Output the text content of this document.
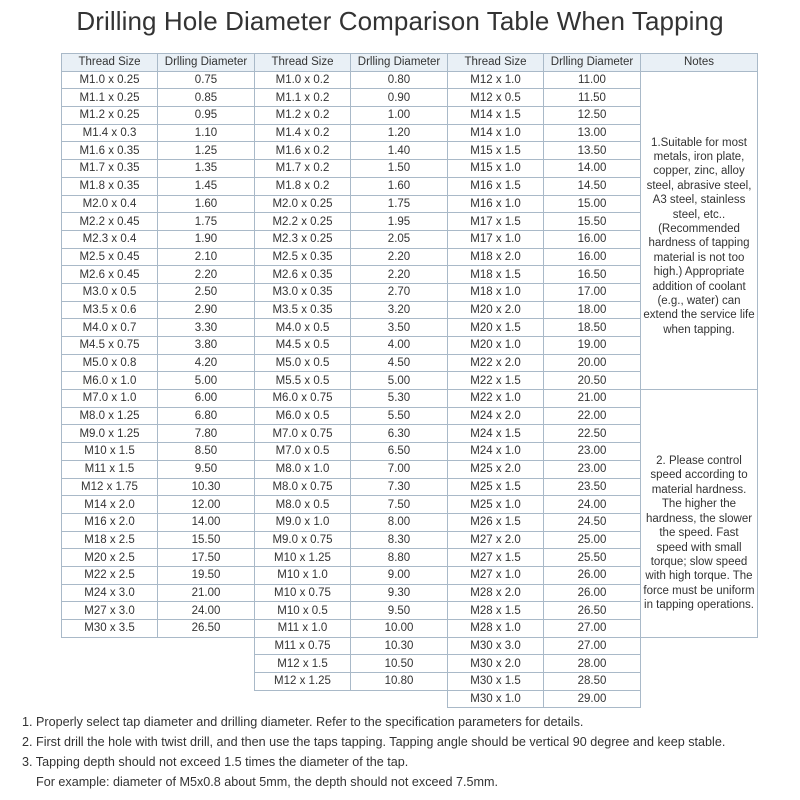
Drilling Hole Diameter Comparison Table When Tapping
Thread Size	Drlling Diameter	Thread Size	Drlling Diameter	Thread Size	Drlling Diameter	Notes
M1.0 x 0.25	0.75	M1.0 x 0.2	0.80	M12 x 1.0	11.00	1.Suitable for most metals, iron plate, copper, zinc, alloy steel, abrasive steel, A3 steel, stainless steel, etc..(Recommended hardness of tapping material is not too high.) Appropriate addition of coolant (e.g., water) can extend the service life when tapping.
M1.1 x 0.25	0.85	M1.1 x 0.2	0.90	M12 x 0.5	11.50	
M1.2 x 0.25	0.95	M1.2 x 0.2	1.00	M14 x 1.5	12.50	
M1.4 x 0.3	1.10	M1.4 x 0.2	1.20	M14 x 1.0	13.00	
M1.6 x 0.35	1.25	M1.6 x 0.2	1.40	M15 x 1.5	13.50	
M1.7 x 0.35	1.35	M1.7 x 0.2	1.50	M15 x 1.0	14.00	
M1.8 x 0.35	1.45	M1.8 x 0.2	1.60	M16 x 1.5	14.50	
M2.0 x 0.4	1.60	M2.0 x 0.25	1.75	M16 x 1.0	15.00	
M2.2 x 0.45	1.75	M2.2 x 0.25	1.95	M17 x 1.5	15.50	
M2.3 x 0.4	1.90	M2.3 x 0.25	2.05	M17 x 1.0	16.00	
M2.5 x 0.45	2.10	M2.5 x 0.35	2.20	M18 x 2.0	16.00	
M2.6 x 0.45	2.20	M2.6 x 0.35	2.20	M18 x 1.5	16.50	
M3.0 x 0.5	2.50	M3.0 x 0.35	2.70	M18 x 1.0	17.00	
M3.5 x 0.6	2.90	M3.5 x 0.35	3.20	M20 x 2.0	18.00	
M4.0 x 0.7	3.30	M4.0 x 0.5	3.50	M20 x 1.5	18.50	
M4.5 x 0.75	3.80	M4.5 x 0.5	4.00	M20 x 1.0	19.00	
M5.0 x 0.8	4.20	M5.0 x 0.5	4.50	M22 x 2.0	20.00	
M6.0 x 1.0	5.00	M5.5 x 0.5	5.00	M22 x 1.5	20.50	
M7.0 x 1.0	6.00	M6.0 x 0.75	5.30	M22 x 1.0	21.00	2. Please control speed according to material hardness. The higher the hardness, the slower the speed. Fast speed with small torque; slow speed with high torque. The force must be uniform in tapping operations.
M8.0 x 1.25	6.80	M6.0 x 0.5	5.50	M24 x 2.0	22.00	
M9.0 x 1.25	7.80	M7.0 x 0.75	6.30	M24 x 1.5	22.50	
M10 x 1.5	8.50	M7.0 x 0.5	6.50	M24 x 1.0	23.00	
M11 x 1.5	9.50	M8.0 x 1.0	7.00	M25 x 2.0	23.00	
M12 x 1.75	10.30	M8.0 x 0.75	7.30	M25 x 1.5	23.50	
M14 x 2.0	12.00	M8.0 x 0.5	7.50	M25 x 1.0	24.00	
M16 x 2.0	14.00	M9.0 x 1.0	8.00	M26 x 1.5	24.50	
M18 x 2.5	15.50	M9.0 x 0.75	8.30	M27 x 2.0	25.00	
M20 x 2.5	17.50	M10 x 1.25	8.80	M27 x 1.5	25.50	
M22 x 2.5	19.50	M10 x 1.0	9.00	M27 x 1.0	26.00	
M24 x 3.0	21.00	M10 x 0.75	9.30	M28 x 2.0	26.00	
M27 x 3.0	24.00	M10 x 0.5	9.50	M28 x 1.5	26.50	
M30 x 3.5	26.50	M11 x 1.0	10.00	M28 x 1.0	27.00	
		M11 x 0.75	10.30	M30 x 3.0	27.00	
		M12 x 1.5	10.50	M30 x 2.0	28.00	
		M12 x 1.25	10.80	M30 x 1.5	28.50	
				M30 x 1.0	29.00	
1. Properly select tap diameter and drilling diameter. Refer to the specification parameters for details.
2. First drill the hole with twist drill, and then use the taps tapping. Tapping angle should be vertical 90 degree and keep stable.
3. Tapping depth should not exceed 1.5 times the diameter of the tap.
For example: diameter of M5x0.8 about 5mm, the depth should not exceed 7.5mm.
